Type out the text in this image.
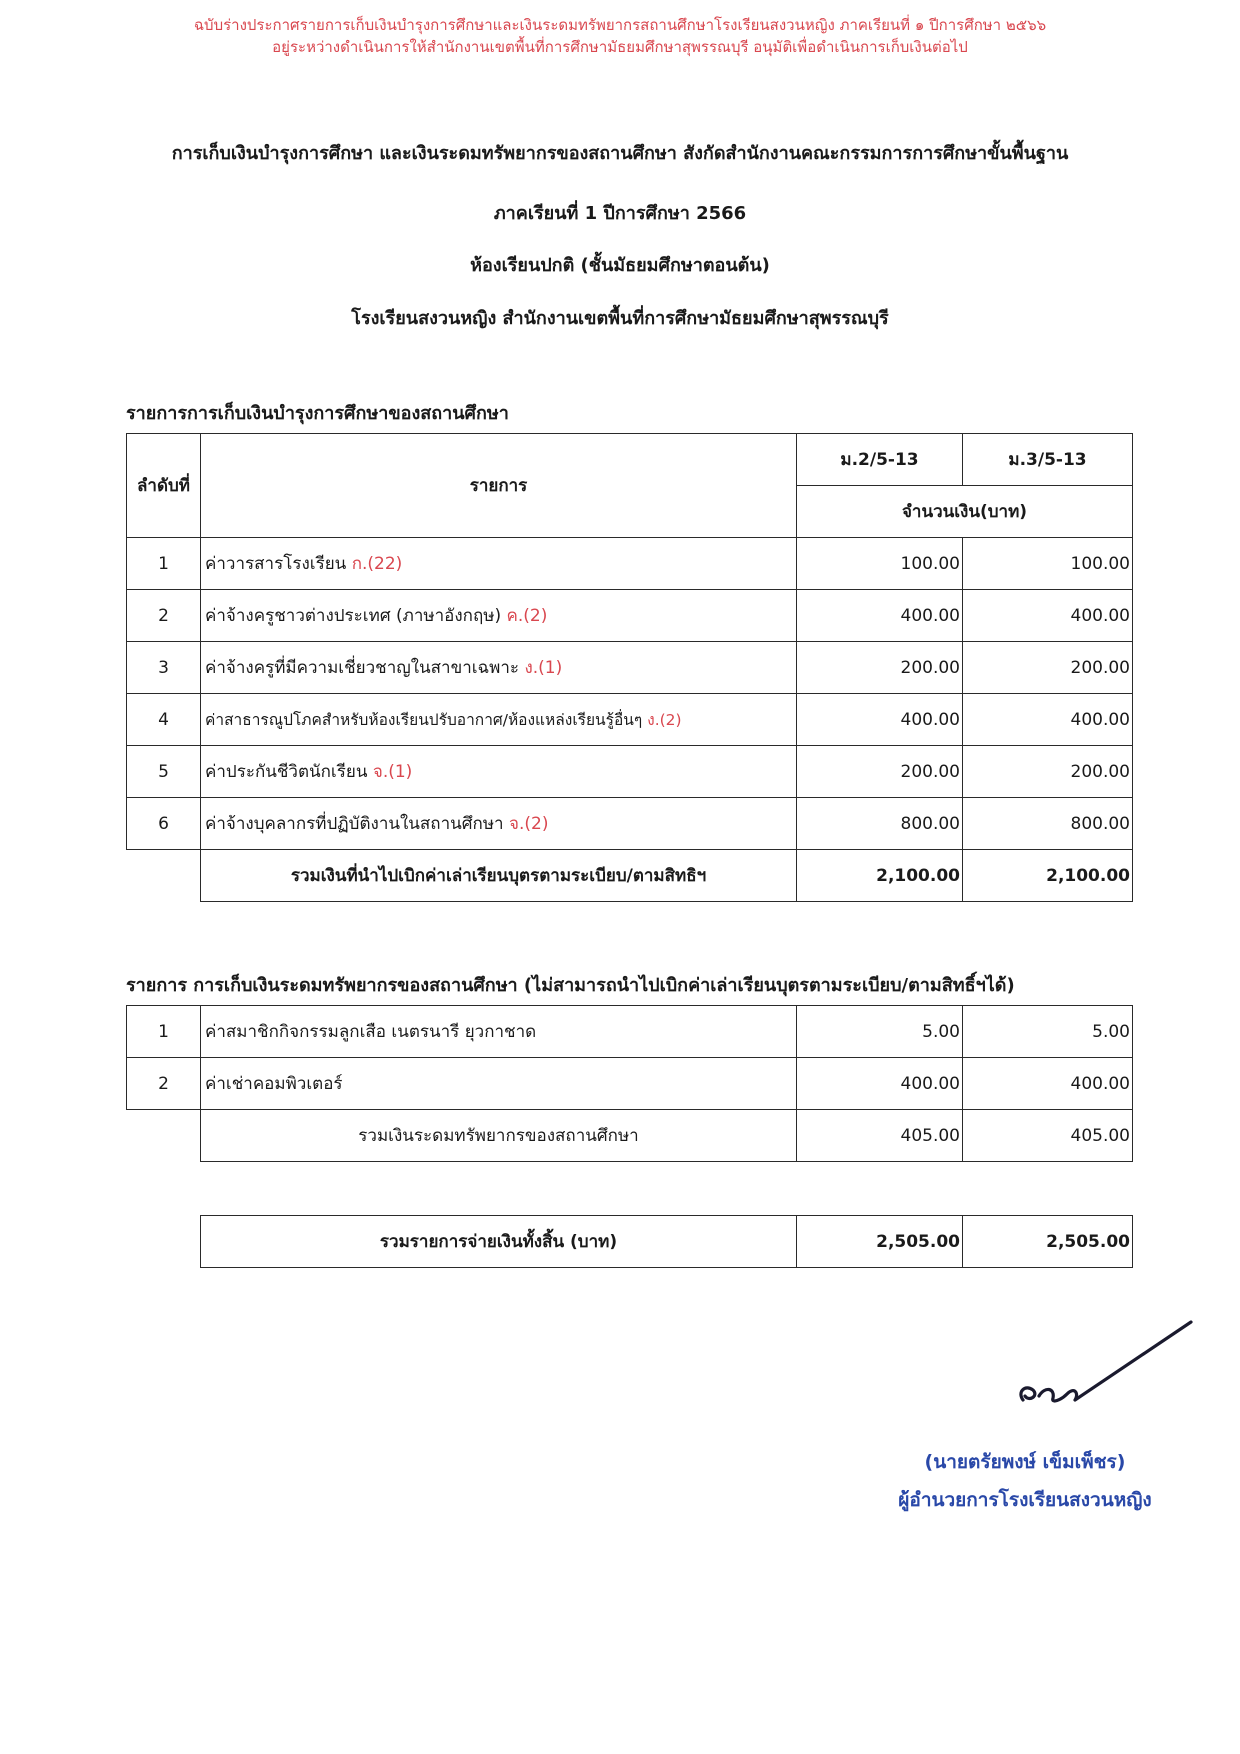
ฉบับร่างประกาศรายการเก็บเงินบำรุงการศึกษาและเงินระดมทรัพยากรสถานศึกษาโรงเรียนสงวนหญิง ภาคเรียนที่ ๑ ปีการศึกษา ๒๕๖๖
อยู่ระหว่างดำเนินการให้สำนักงานเขตพื้นที่การศึกษามัธยมศึกษาสุพรรณบุรี อนุมัติเพื่อดำเนินการเก็บเงินต่อไป
การเก็บเงินบำรุงการศึกษา และเงินระดมทรัพยากรของสถานศึกษา สังกัดสำนักงานคณะกรรมการการศึกษาขั้นพื้นฐาน
ภาคเรียนที่ 1 ปีการศึกษา 2566
ห้องเรียนปกติ (ชั้นมัธยมศึกษาตอนต้น)
โรงเรียนสงวนหญิง สำนักงานเขตพื้นที่การศึกษามัธยมศึกษาสุพรรณบุรี
รายการการเก็บเงินบำรุงการศึกษาของสถานศึกษา
ลำดับที่	รายการ	ม.2/5-13	ม.3/5-13
		จำนวนเงิน(บาท)	
1	ค่าวารสารโรงเรียน ก.(22)	100.00	100.00
2	ค่าจ้างครูชาวต่างประเทศ (ภาษาอังกฤษ) ค.(2)	400.00	400.00
3	ค่าจ้างครูที่มีความเชี่ยวชาญในสาขาเฉพาะ ง.(1)	200.00	200.00
4	ค่าสาธารณูปโภคสำหรับห้องเรียนปรับอากาศ/ห้องแหล่งเรียนรู้อื่นๆ ง.(2)	400.00	400.00
5	ค่าประกันชีวิตนักเรียน จ.(1)	200.00	200.00
6	ค่าจ้างบุคลากรที่ปฏิบัติงานในสถานศึกษา จ.(2)	800.00	800.00
	รวมเงินที่นำไปเบิกค่าเล่าเรียนบุตรตามระเบียบ/ตามสิทธิฯ	2,100.00	2,100.00
รายการ การเก็บเงินระดมทรัพยากรของสถานศึกษา (ไม่สามารถนำไปเบิกค่าเล่าเรียนบุตรตามระเบียบ/ตามสิทธิ์ฯได้)
1	ค่าสมาชิกกิจกรรมลูกเสือ เนตรนารี ยุวกาชาด	5.00	5.00
2	ค่าเช่าคอมพิวเตอร์	400.00	400.00
	รวมเงินระดมทรัพยากรของสถานศึกษา	405.00	405.00
รวมรายการจ่ายเงินทั้งสิ้น (บาท)	2,505.00	2,505.00
(นายตรัยพงษ์ เข็มเพ็ชร)
ผู้อำนวยการโรงเรียนสงวนหญิง
